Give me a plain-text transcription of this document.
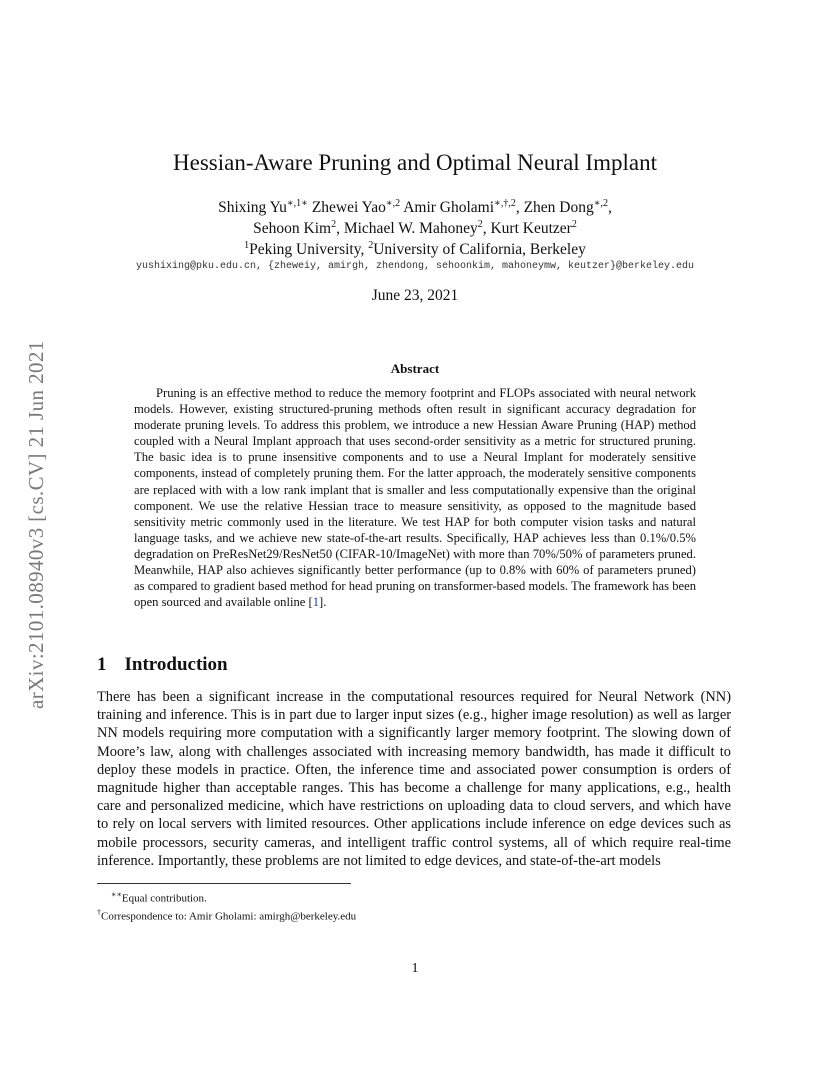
arXiv:2101.08940v3 [cs.CV] 21 Jun 2021
Hessian-Aware Pruning and Optimal Neural Implant
Shixing $Yu^{∗,1∗}$ Zhewei Yao$^{∗,2}$ Amir Gholami$^{∗,\dagger,2}$, Zhen Dong$^{∗,2}$,
Sehoon Kim$^2$, Michael W. Mahoney$^2$, Kurt Keutzer$^2$
$^1$Peking University, $^2$University of California, Berkeley
yushixing@pku.edu.cn, {zheweiy, amirgh, zhendong, sehoonkim, mahoneymw, keutzer}@berkeley.edu
June 23, 2021
Abstract
Pruning is an effective method to reduce the memory footprint and FLOPs associated with neural network models. However, existing structured-pruning methods often result in significant accuracy degradation for moderate pruning levels. To address this problem, we introduce a new Hessian Aware Pruning (HAP) method coupled with a Neural Implant approach that uses second-order sensitivity as a metric for structured pruning. The basic idea is to prune insensitive components and to use a Neural Implant for moderately sensitive components, instead of completely pruning them. For the latter approach, the moderately sensitive components are replaced with with a low rank implant that is smaller and less computationally expensive than the original component. We use the relative Hessian trace to measure sensitivity, as opposed to the magnitude based sensitivity metric commonly used in the literature. We test HAP for both computer vision tasks and natural language tasks, and we achieve new state-of-the-art results. Specifically, HAP achieves less than 0.1%/0.5% degradation on PreResNet29/ResNet50 (CIFAR-10/ImageNet) with more than 70%/50% of parameters pruned. Meanwhile, HAP also achieves significantly better performance (up to 0.8% with 60% of parameters pruned) as compared to gradient based method for head pruning on transformer-based models. The framework has been open sourced and available online [1].
1 Introduction
There has been a significant increase in the computational resources required for Neural Network (NN) training and inference. This is in part due to larger input sizes (e.g., higher image resolution) as well as larger NN models requiring more computation with a significantly larger memory footprint. The slowing down of Moore’s law, along with challenges associated with increasing memory bandwidth, has made it difficult to deploy these models in practice. Often, the inference time and associated power consumption is orders of magnitude higher than acceptable ranges. This has become a challenge for many applications, e.g., health care and personalized medicine, which have restrictions on uploading data to cloud servers, and which have to rely on local servers with limited resources. Other applications include inference on edge devices such as mobile processors, security cameras, and intelligent traffic control systems, all of which require real-time inference. Importantly, these problems are not limited to edge devices, and state-of-the-art models
∗∗Equal contribution.
†Correspondence to: Amir Gholami: amirgh@berkeley.edu
1
